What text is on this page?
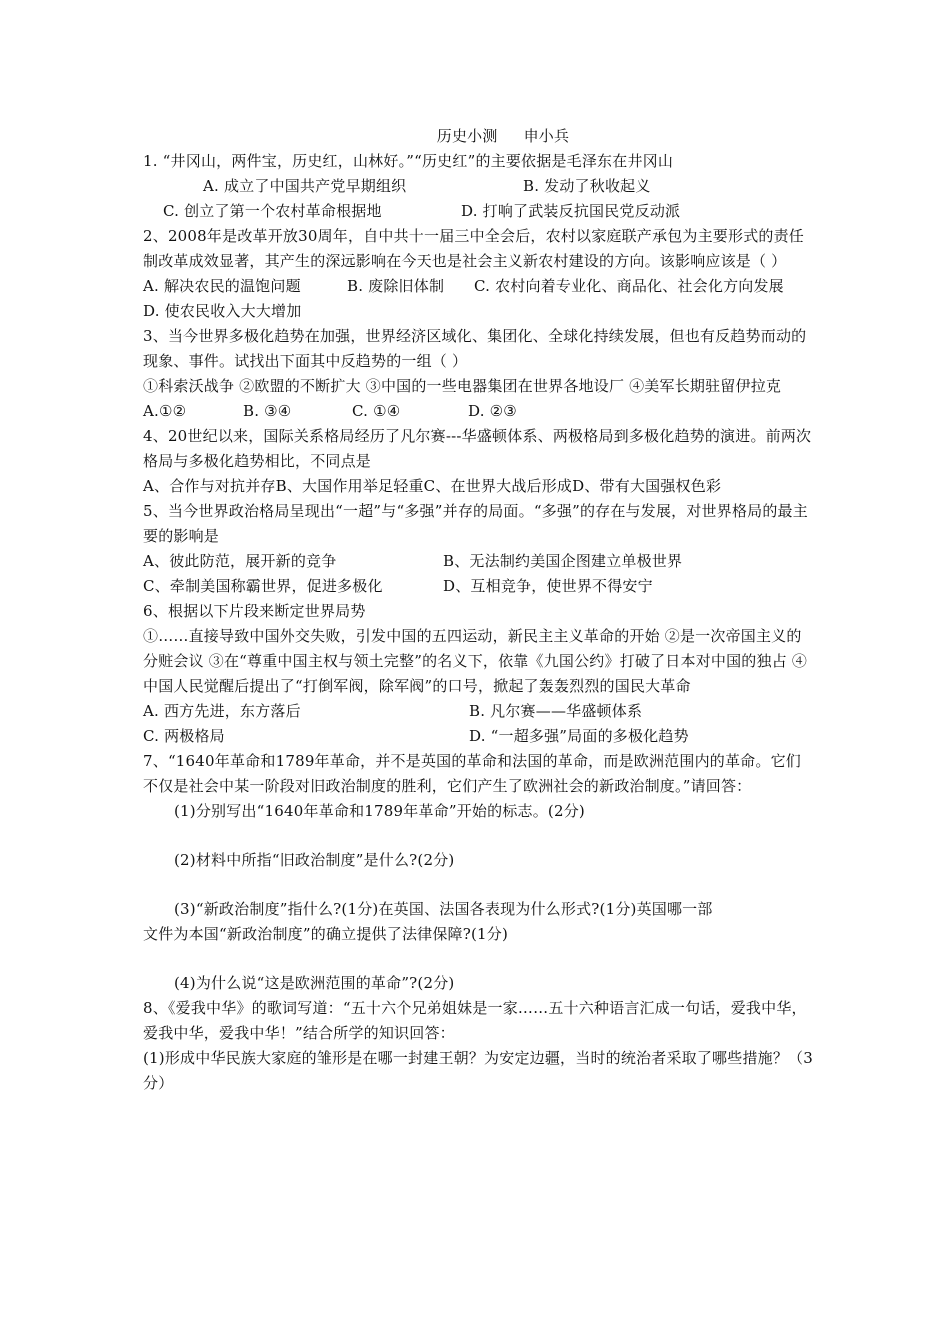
历史小测 申小兵

1. “井冈山，两件宝，历史红，山林好。”“历史红”的主要依据是毛泽东在井冈山

A. 成立了中国共产党早期组织	B. 发动了秋收起义
C. 创立了第一个农村革命根据地	D. 打响了武装反抗国民党反动派

2、2008年是改革开放30周年，自中共十一届三中全会后，农村以家庭联产承包为主要形式的责任制改革成效显著，其产生的深远影响在今天也是社会主义新农村建设的方向。该影响应该是（ ）

A. 解决农民的温饱问题	B. 废除旧体制	C. 农村向着专业化、商品化、社会化方向发展

D. 使农民收入大大增加

3、当今世界多极化趋势在加强，世界经济区域化、集团化、全球化持续发展，但也有反趋势而动的现象、事件。试找出下面其中反趋势的一组（ ）

①科索沃战争 ②欧盟的不断扩大 ③中国的一些电器集团在世界各地设厂 ④美军长期驻留伊拉克

A.①②	B. ③④	C. ①④	D. ②③

4、20世纪以来，国际关系格局经历了凡尔赛---华盛顿体系、两极格局到多极化趋势的演进。前两次格局与多极化趋势相比，不同点是

A、合作与对抗并存B、大国作用举足轻重C、在世界大战后形成D、带有大国强权色彩

5、当今世界政治格局呈现出“一超”与“多强”并存的局面。“多强”的存在与发展，对世界格局的最主要的影响是

A、彼此防范，展开新的竞争	B、无法制约美国企图建立单极世界
C、牵制美国称霸世界，促进多极化	D、互相竞争，使世界不得安宁

6、根据以下片段来断定世界局势

①……直接导致中国外交失败，引发中国的五四运动，新民主主义革命的开始 ②是一次帝国主义的分赃会议 ③在“尊重中国主权与领土完整”的名义下，依靠《九国公约》打破了日本对中国的独占 ④中国人民觉醒后提出了“打倒军阀，除军阀”的口号，掀起了轰轰烈烈的国民大革命

A. 西方先进，东方落后	B. 凡尔赛——华盛顿体系
C. 两极格局	D. “一超多强”局面的多极化趋势

7、“1640年革命和1789年革命，并不是英国的革命和法国的革命，而是欧洲范围内的革命。它们不仅是社会中某一阶段对旧政治制度的胜利，它们产生了欧洲社会的新政治制度。”请回答：

(1)分别写出“1640年革命和1789年革命”开始的标志。(2分)

(2)材料中所指“旧政治制度”是什么?(2分)

(3)“新政治制度”指什么?(1分)在英国、法国各表现为什么形式?(1分)英国哪一部

文件为本国“新政治制度”的确立提供了法律保障?(1分)

(4)为什么说“这是欧洲范围的革命”?(2分)

8、《爱我中华》的歌词写道：“五十六个兄弟姐妹是一家……五十六种语言汇成一句话，爱我中华，爱我中华，爱我中华！”结合所学的知识回答：

(1)形成中华民族大家庭的雏形是在哪一封建王朝？为安定边疆，当时的统治者采取了哪些措施？（3分）
